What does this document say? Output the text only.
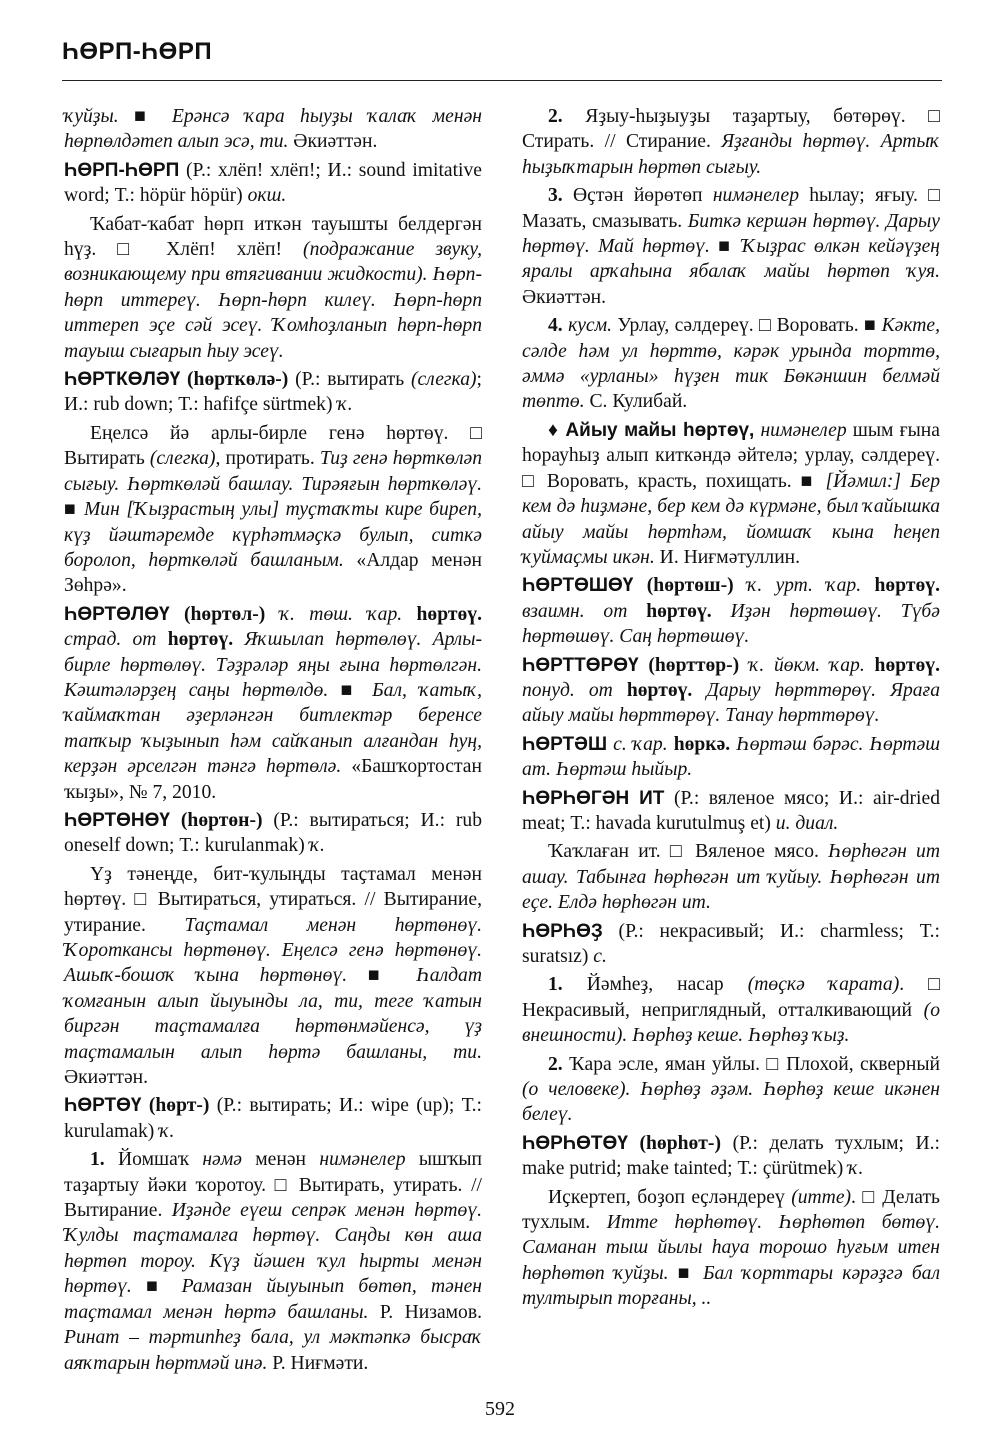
ҺӨРП-ҺӨРП

ҡуйҙы. ■ Ерәнсә ҡара һыуҙы ҡалаҡ менән һөрпөлдәтеп алып эсә, ти. Әкиәттән.

ҺӨРП-ҺӨРП (Р.: хлёп! хлёп!; И.: sound imitative word; Т.: höpür höpür) окш.

Ҡабат-ҡабат һөрп иткән тауышты белдергән һүҙ. □ Хлёп! хлёп! (подражание звуку, возникающему при втягивании жидкости). Һөрп-һөрп иттереү. Һөрп-һөрп килеү. Һөрп-һөрп иттереп эҫе сәй эсеү. Ҡомһоҙланып һөрп-һөрп тауыш сығарып һыу эсеү.

ҺӨРТКӨЛӘҮ (һөрткөлә-) (Р.: вытирать (слегка); И.: rub down; Т.: hafifçe sürtmek) ҡ.

Еңелсә йә арлы-бирле генә һөртөү. □ Вытирать (слегка), протирать. Тиҙ генә һөрткөләп сығыу. Һөрткөләй башлау. Тирәяғын һөрткөләү. ■ Мин [Ҡыҙрастың улы] туҫтаҡты кире биреп, күҙ йәштәремде күрһәтмәҫкә булып, ситкә боролоп, һөрткөләй башланым. «Алдар менән Зөһрә».

ҺӨРТӨЛӨҮ (һөртөл-) ҡ. төш. ҡар. һөртөү. страд. от һөртөү. Яҡшылап һөртөлөү. Арлы-бирле һөртөлөү. Тәҙрәләр яңы ғына һөртөлгән. Кәштәләрҙең саңы һөртөлдө. ■ Бал, ҡатыҡ, ҡаймаҡтан әҙерләнгән битлектәр беренсе тапҡыр ҡыҙынып һәм сайҡанып алғандан һуң, керҙән әрселгән тәнгә һөртөлә. «Башҡортостан ҡыҙы», № 7, 2010.

ҺӨРТӨНӨҮ (һөртөн-) (Р.: вытираться; И.: rub oneself down; Т.: kurulanmak) ҡ.

Үҙ тәнеңде, бит-ҡулыңды таҫтамал менән һөртөү. □ Вытираться, утираться. // Вытирание, утирание. Таҫтамал менән һөртөнөү. Ҡороткансы һөртөнөү. Еңелсә генә һөртөнөү. Ашыҡ-бошоҡ ҡына һөртөнөү. ■ Һалдат ҡомғанын алып йыуынды ла, ти, теге ҡатын биргән таҫтамалға һөртөнмәйенсә, үҙ таҫтамалын алып һөртә башланы, ти. Әкиәттән.

ҺӨРТӨҮ (һөрт-) (Р.: вытирать; И.: wipe (up); Т.: kurulamak) ҡ.

1. Йомшаҡ нәмә менән нимәнелер ышҡып таҙартыу йәки ҡоротоу. □ Вытирать, утирать. // Вытирание. Иҙәнде еүеш сепрәк менән һөртөү. Ҡулды таҫтамалға һөртөү. Саңды көн аша һөртөп тороу. Күҙ йәшен ҡул һырты менән һөртөү. ■ Рамазан йыуынып бөтөп, тәнен таҫтамал менән һөртә башланы. Р. Низамов. Ринат – тәртипһеҙ бала, ул мәктәпкә бысраҡ аяҡтарын һөртмәй инә. Р. Ниғмәти.

2. Яҙыу-һыҙыуҙы таҙартыу, бөтөрөү. □ Стирать. // Стирание. Яҙғанды һөртөү. Артыҡ һыҙыҡтарын һөртөп сығыу.

3. Өҫтән йөрөтөп нимәнелер һылау; яғыу. □ Мазать, смазывать. Биткә кершән һөртөү. Дарыу һөртөү. Май һөртөү. ■ Ҡыҙрас өлкән кейәүҙең яралы арҡаһына ябалаҡ майы һөртөп ҡуя. Әкиәттән.

4. кусм. Урлау, сәлдереү. □ Воровать. ■ Кәкте, сәлде һәм ул һөрттө, кәрәк урында торттө, әммә «урланы» һүҙен тик Бөкәншин белмәй төптө. С. Кулибай.

♦ Айыу майы һөртөү, нимәнелер шым ғына һорауһыҙ алып киткәндә әйтелә; урлау, сәлдереү. □ Воровать, красть, похищать. ■ [Йәмил:] Бер кем дә һиҙмәне, бер кем дә күрмәне, был ҡайышка айыу майы һөртһәм, йомшаҡ кына һеңеп ҡуймаҫмы икән. И. Ниғмәтуллин.

ҺӨРТӨШӨҮ (һөртөш-) ҡ. урт. ҡар. һөртөү. взаимн. от һөртөү. Иҙән һөртөшөү. Түбә һөртөшөү. Саң һөртөшөү.

ҺӨРТТӨРӨҮ (һөрттөр-) ҡ. йөкм. ҡар. һөртөү. понуд. от һөртөү. Дарыу һөрттөрөү. Яраға айыу майы һөрттөрөү. Танау һөрттөрөү.

ҺӨРТӘШ с. ҡар. һөркә. Һөртәш бәрәс. Һөртәш ат. Һөртәш һыйыр.

ҺӨРҺӨГӘН ИТ (Р.: вяленое мясо; И.: air-dried meat; Т.: havada kurutulmuş et) и. диал.

Ҡаҡлаған ит. □ Вяленое мясо. Һөрһөгән ит ашау. Табынға һөрһөгән ит ҡуйыу. Һөрһөгән ит еҫе. Елдә һөрһөгән ит.

ҺӨРҺӨҘ (Р.: некрасивый; И.: charmless; Т.: suratsız) с.

1. Йәмһеҙ, насар (төҫкә ҡарата). □ Некрасивый, неприглядный, отталкивающий (о внешности). Һөрһөҙ кеше. Һөрһөҙ ҡыҙ.

2. Ҡара эсле, яман уйлы. □ Плохой, скверный (о человеке). Һөрһөҙ әҙәм. Һөрһөҙ кеше икәнен белеү.

ҺӨРҺӨТӨҮ (һөрһөт-) (Р.: делать тухлым; И.: make putrid; make tainted; Т.: çürütmek) ҡ.

Иҫкертеп, боҙоп еҫләндереү (итте). □ Делать тухлым. Итте һөрһөтөү. Һөрһөтөп бөтөү. Саманан тыш йылы һауа торошо һуғым итен һөрһөтөп ҡуйҙы. ■ Бал ҡорттары кәрәҙгә бал тултырып торғаны, ..

592
